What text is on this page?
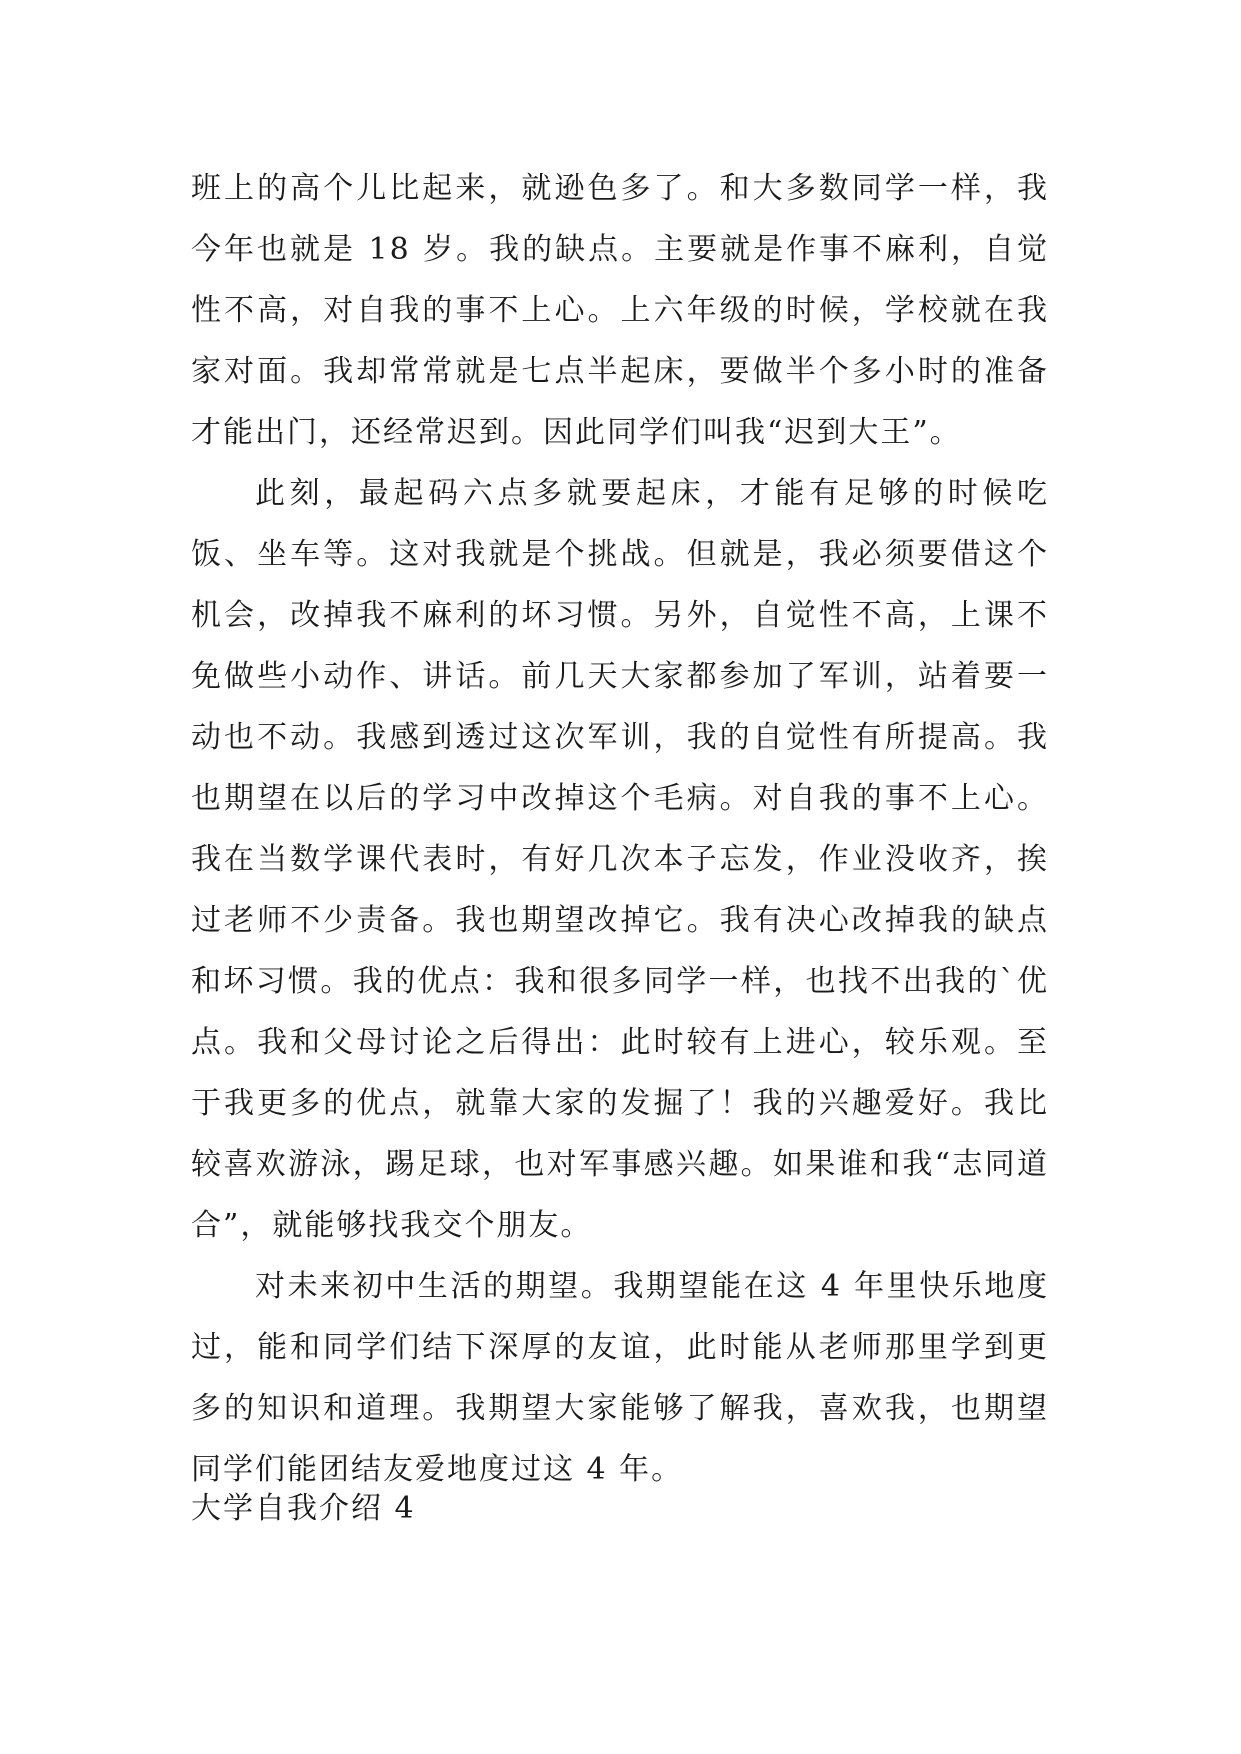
班上的高个儿比起来，就逊色多了。和大多数同学一样，我今年也就是 18 岁。我的缺点。主要就是作事不麻利，自觉性不高，对自我的事不上心。上六年级的时候，学校就在我家对面。我却常常就是七点半起床，要做半个多小时的准备才能出门，还经常迟到。因此同学们叫我“迟到大王”。

此刻，最起码六点多就要起床，才能有足够的时候吃饭、坐车等。这对我就是个挑战。但就是，我必须要借这个机会，改掉我不麻利的坏习惯。另外，自觉性不高，上课不免做些小动作、讲话。前几天大家都参加了军训，站着要一动也不动。我感到透过这次军训，我的自觉性有所提高。我也期望在以后的学习中改掉这个毛病。对自我的事不上心。我在当数学课代表时，有好几次本子忘发，作业没收齐，挨过老师不少责备。我也期望改掉它。我有决心改掉我的缺点和坏习惯。我的优点：我和很多同学一样，也找不出我的`优点。我和父母讨论之后得出：此时较有上进心，较乐观。至于我更多的优点，就靠大家的发掘了！我的兴趣爱好。我比较喜欢游泳，踢足球，也对军事感兴趣。如果谁和我“志同道合”，就能够找我交个朋友。

对未来初中生活的期望。我期望能在这 4 年里快乐地度过，能和同学们结下深厚的友谊，此时能从老师那里学到更多的知识和道理。我期望大家能够了解我，喜欢我，也期望同学们能团结友爱地度过这 4 年。

大学自我介绍 4
